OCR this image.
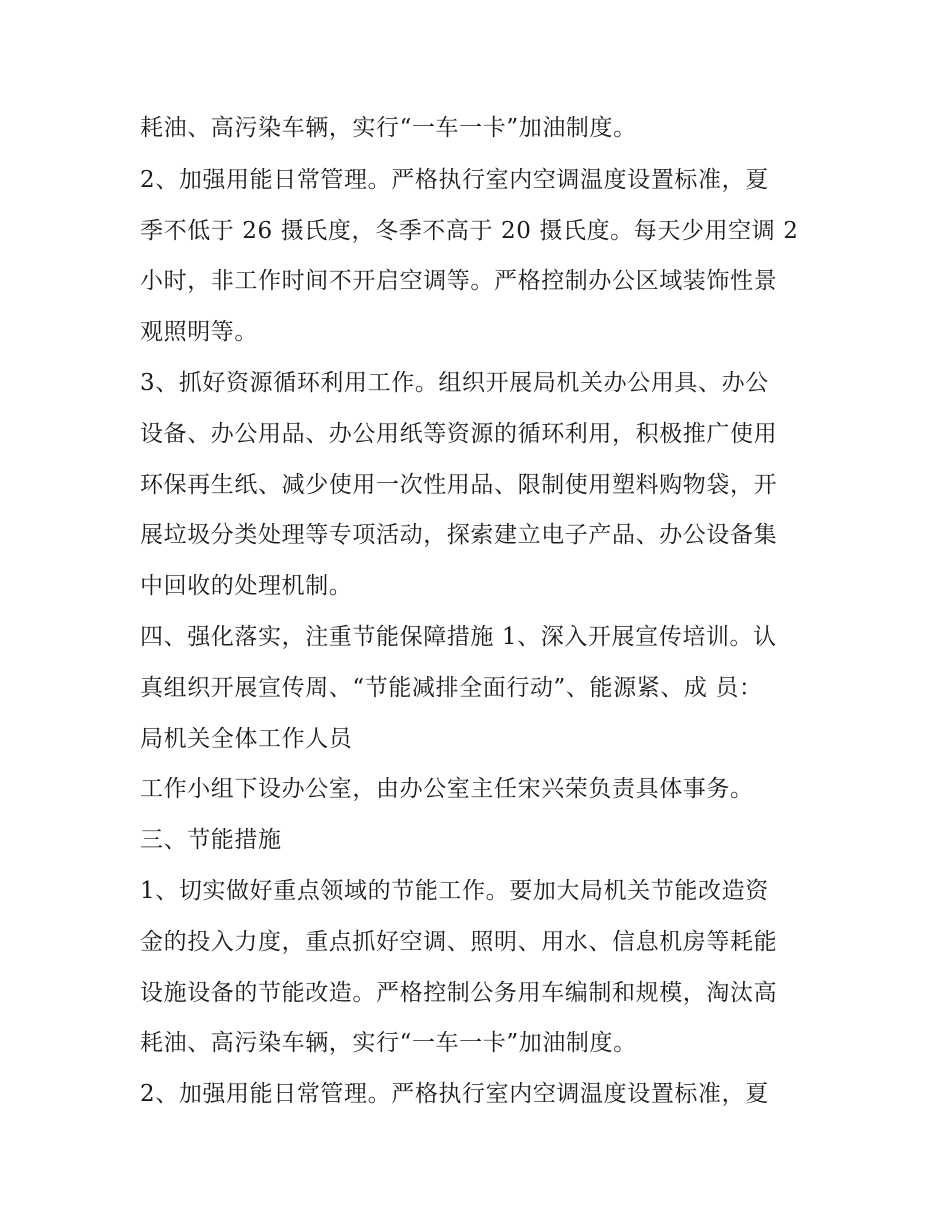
耗油、高污染车辆，实行“一车一卡”加油制度。
2、加强用能日常管理。严格执行室内空调温度设置标准，夏
季不低于 26 摄氏度，冬季不高于 20 摄氏度。每天少用空调 2
小时，非工作时间不开启空调等。严格控制办公区域装饰性景
观照明等。
3、抓好资源循环利用工作。组织开展局机关办公用具、办公
设备、办公用品、办公用纸等资源的循环利用，积极推广使用
环保再生纸、减少使用一次性用品、限制使用塑料购物袋，开
展垃圾分类处理等专项活动，探索建立电子产品、办公设备集
中回收的处理机制。
四、强化落实，注重节能保障措施 1、深入开展宣传培训。认
真组织开展宣传周、“节能减排全面行动”、能源紧、成 员：
局机关全体工作人员
工作小组下设办公室，由办公室主任宋兴荣负责具体事务。
三、节能措施
1、切实做好重点领域的节能工作。要加大局机关节能改造资
金的投入力度，重点抓好空调、照明、用水、信息机房等耗能
设施设备的节能改造。严格控制公务用车编制和规模，淘汰高
耗油、高污染车辆，实行“一车一卡”加油制度。
2、加强用能日常管理。严格执行室内空调温度设置标准，夏
